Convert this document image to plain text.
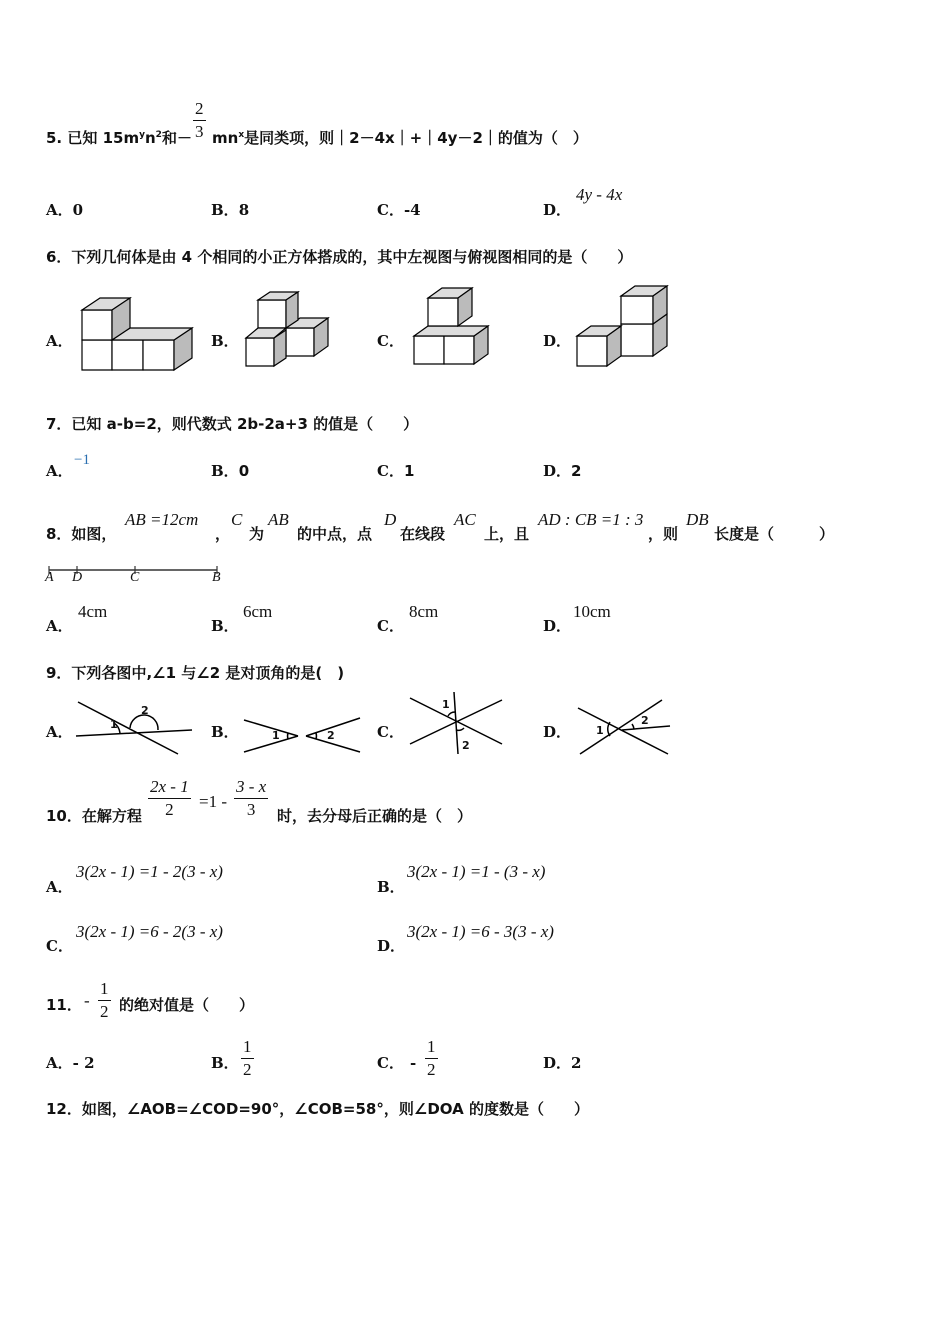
5. 已知 $15m^yn^2$和－ $\frac{2}{3} mn^x$是同类项，则｜2－4x｜+｜4y－2｜的值为（　）
A．0	B．8	C．-4	D．
4y - 4x
6．下列几何体是由 4 个相同的小正方体搭成的，其中左视图与俯视图相同的是（　　）
A．	B．	C．	D．
7．已知 a-b=2，则代数式 2b-2a+3 的值是（　　）
A．
−1
B．0	C．1	D．2
8．如图，
AB =12cm
，
C
为
AB
的中点，点
D
在线段
AC
上，且
AD : CB =1 : 3
，则
DB
长度是（　　　）
A D	C	B
A．
4cm
B．
6cm
C．
8cm
D．
10cm
9．下列各图中,∠1 与∠2 是对顶角的是(　)
A．	B．	C．	D．
1
2
1	2
1
2
1
2
10．在解方程 $\frac{2x - 1}{2} =1 - \frac{3 - x}{3}$ 时，去分母后正确的是（　）
A．
3(2x - 1) =1 - 2(3 - x)
B．
3(2x - 1) =1 - (3 - x)
C．
3(2x - 1) =6 - 2(3 - x)
D．
3(2x - 1) =6 - 3(3 - x)
11． - $\frac{1}{2}$ 的绝对值是（　　）
A．- 2	B． $\frac{1}{2}$	C． - $\frac{1}{2}$	D．2
12．如图，∠AOB=∠COD=90°，∠COB=58°，则∠DOA 的度数是（　　）
